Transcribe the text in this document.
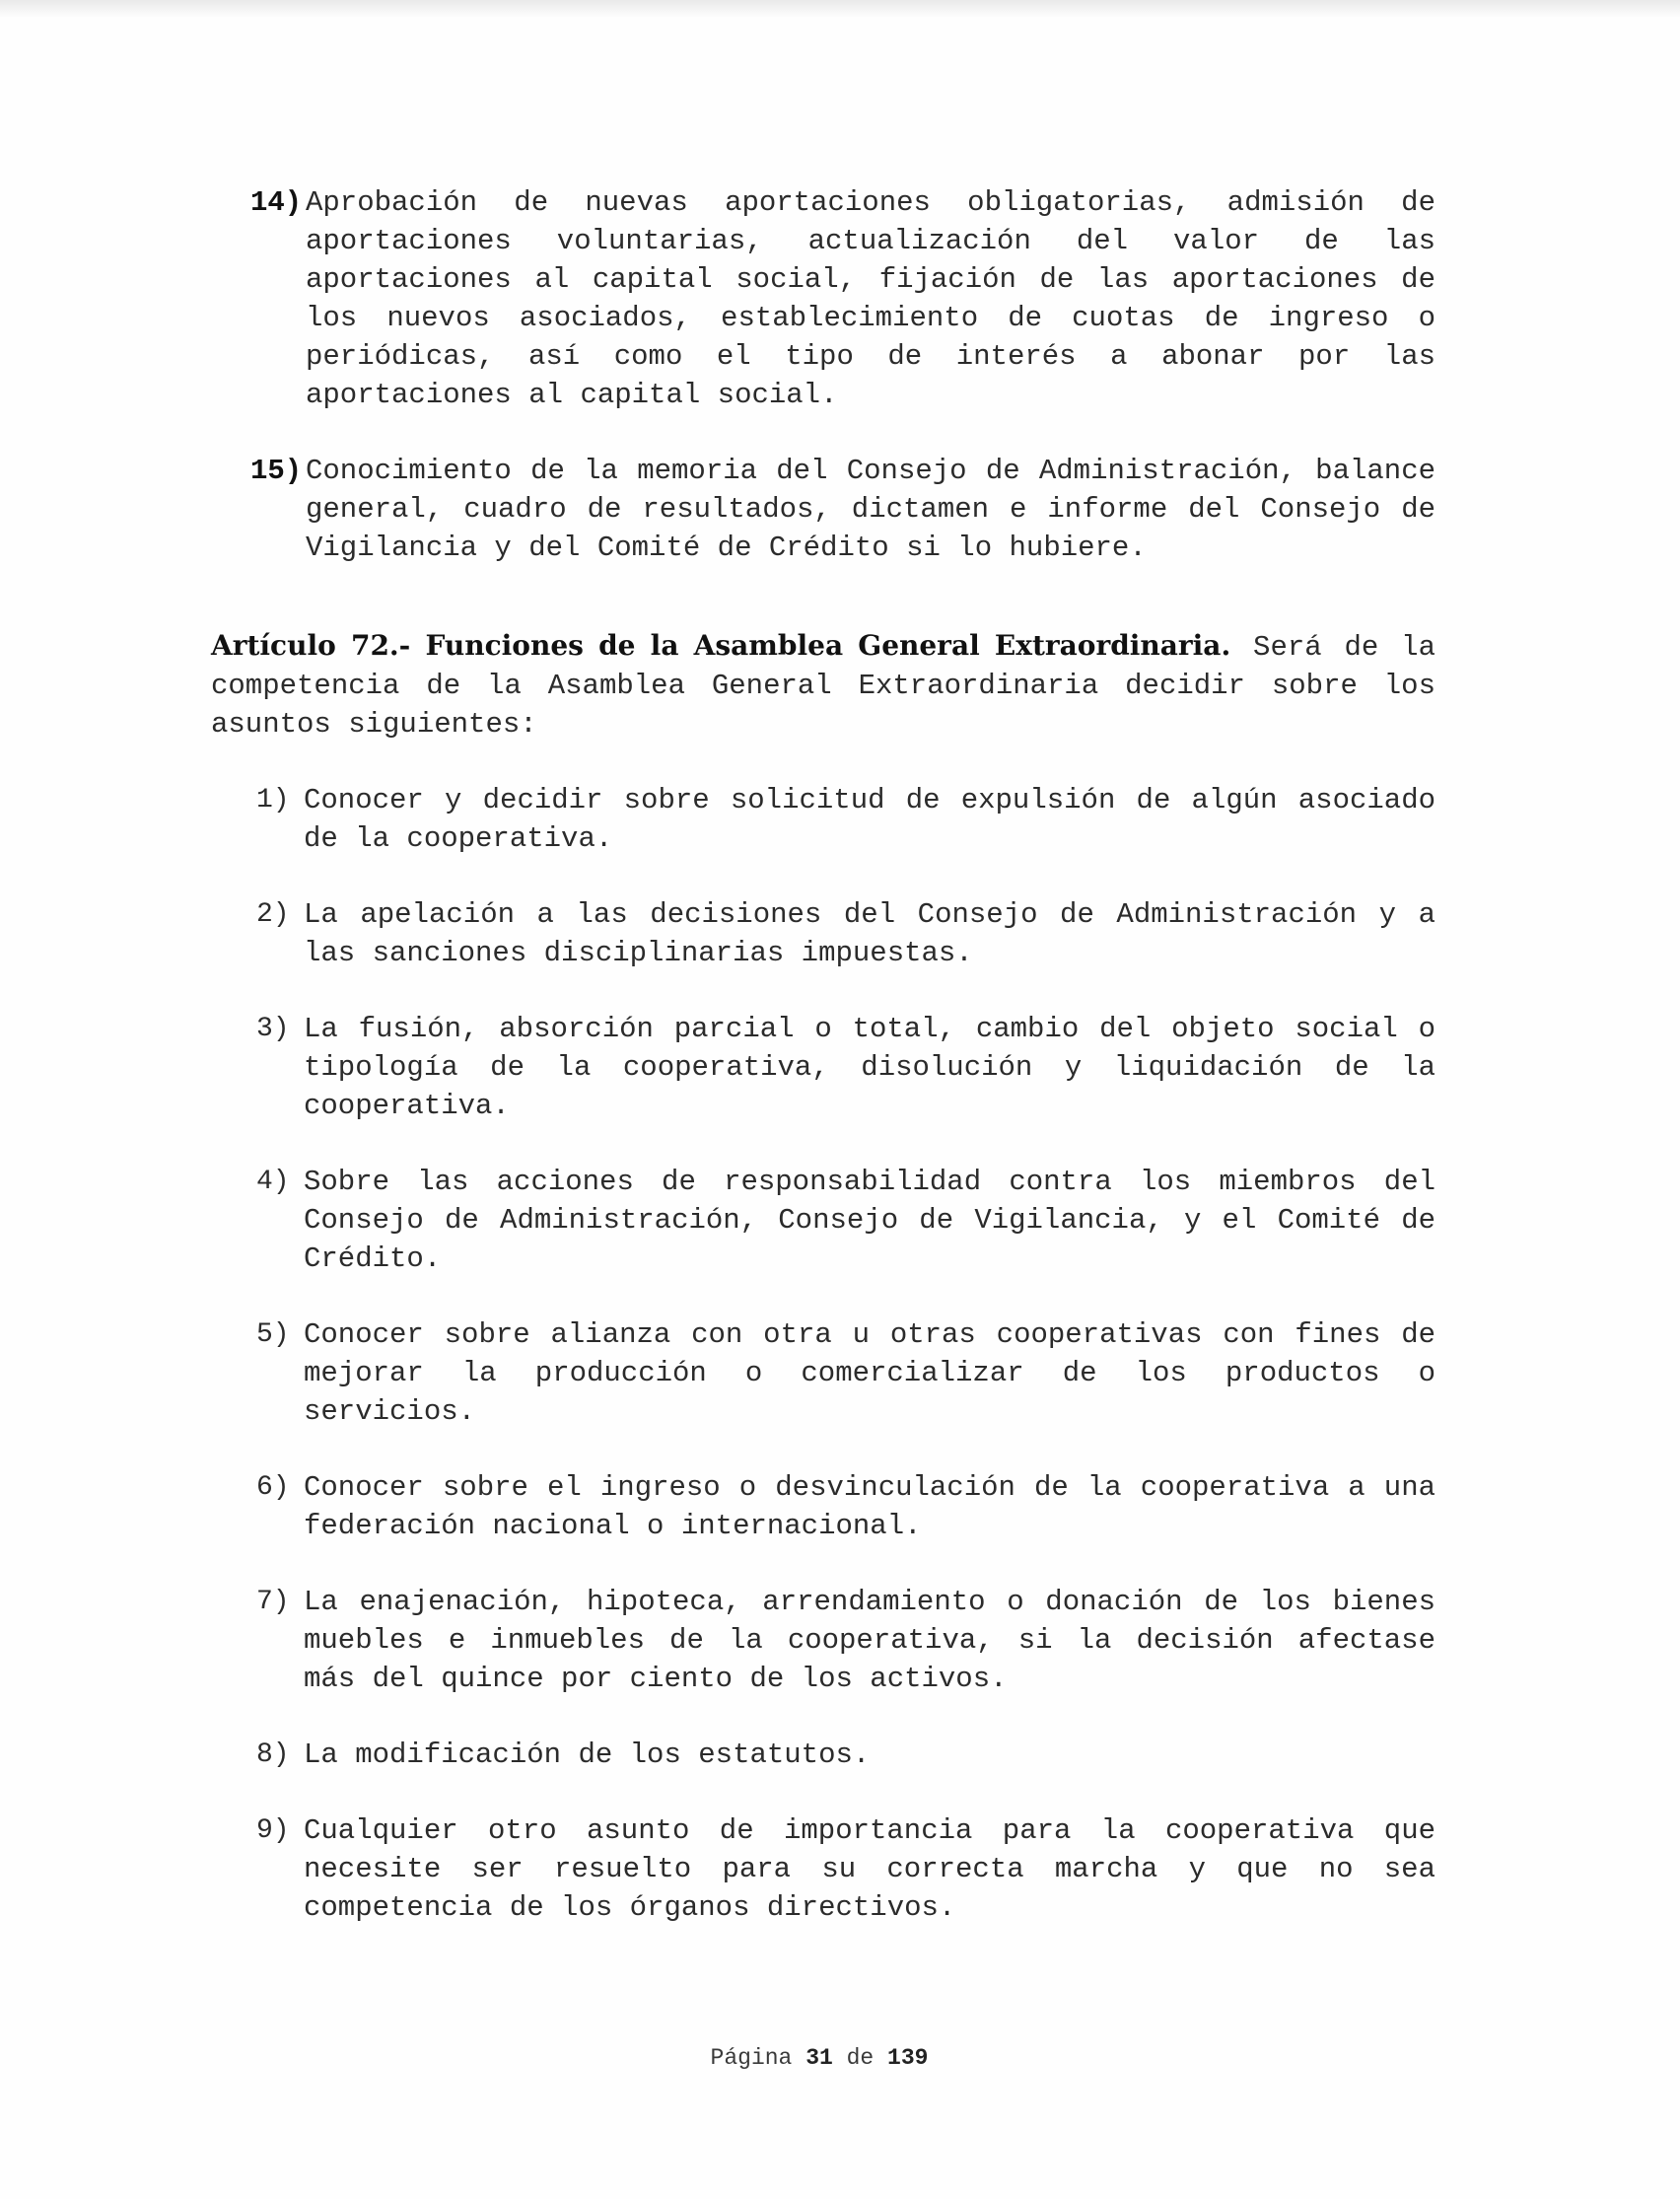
14) Aprobación de nuevas aportaciones obligatorias, admisión de aportaciones voluntarias, actualización del valor de las aportaciones al capital social, fijación de las aportaciones de los nuevos asociados, establecimiento de cuotas de ingreso o periódicas, así como el tipo de interés a abonar por las aportaciones al capital social.
15) Conocimiento de la memoria del Consejo de Administración, balance general, cuadro de resultados, dictamen e informe del Consejo de Vigilancia y del Comité de Crédito si lo hubiere.

Artículo 72.- Funciones de la Asamblea General Extraordinaria. Será de la competencia de la Asamblea General Extraordinaria decidir sobre los asuntos siguientes:

1) Conocer y decidir sobre solicitud de expulsión de algún asociado de la cooperativa.
2) La apelación a las decisiones del Consejo de Administración y a las sanciones disciplinarias impuestas.
3) La fusión, absorción parcial o total, cambio del objeto social o tipología de la cooperativa, disolución y liquidación de la cooperativa.
4) Sobre las acciones de responsabilidad contra los miembros del Consejo de Administración, Consejo de Vigilancia, y el Comité de Crédito.
5) Conocer sobre alianza con otra u otras cooperativas con fines de mejorar la producción o comercializar de los productos o servicios.
6) Conocer sobre el ingreso o desvinculación de la cooperativa a una federación nacional o internacional.
7) La enajenación, hipoteca, arrendamiento o donación de los bienes muebles e inmuebles de la cooperativa, si la decisión afectase más del quince por ciento de los activos.
8) La modificación de los estatutos.
9) Cualquier otro asunto de importancia para la cooperativa que necesite ser resuelto para su correcta marcha y que no sea competencia de los órganos directivos.
Página 31 de 139
